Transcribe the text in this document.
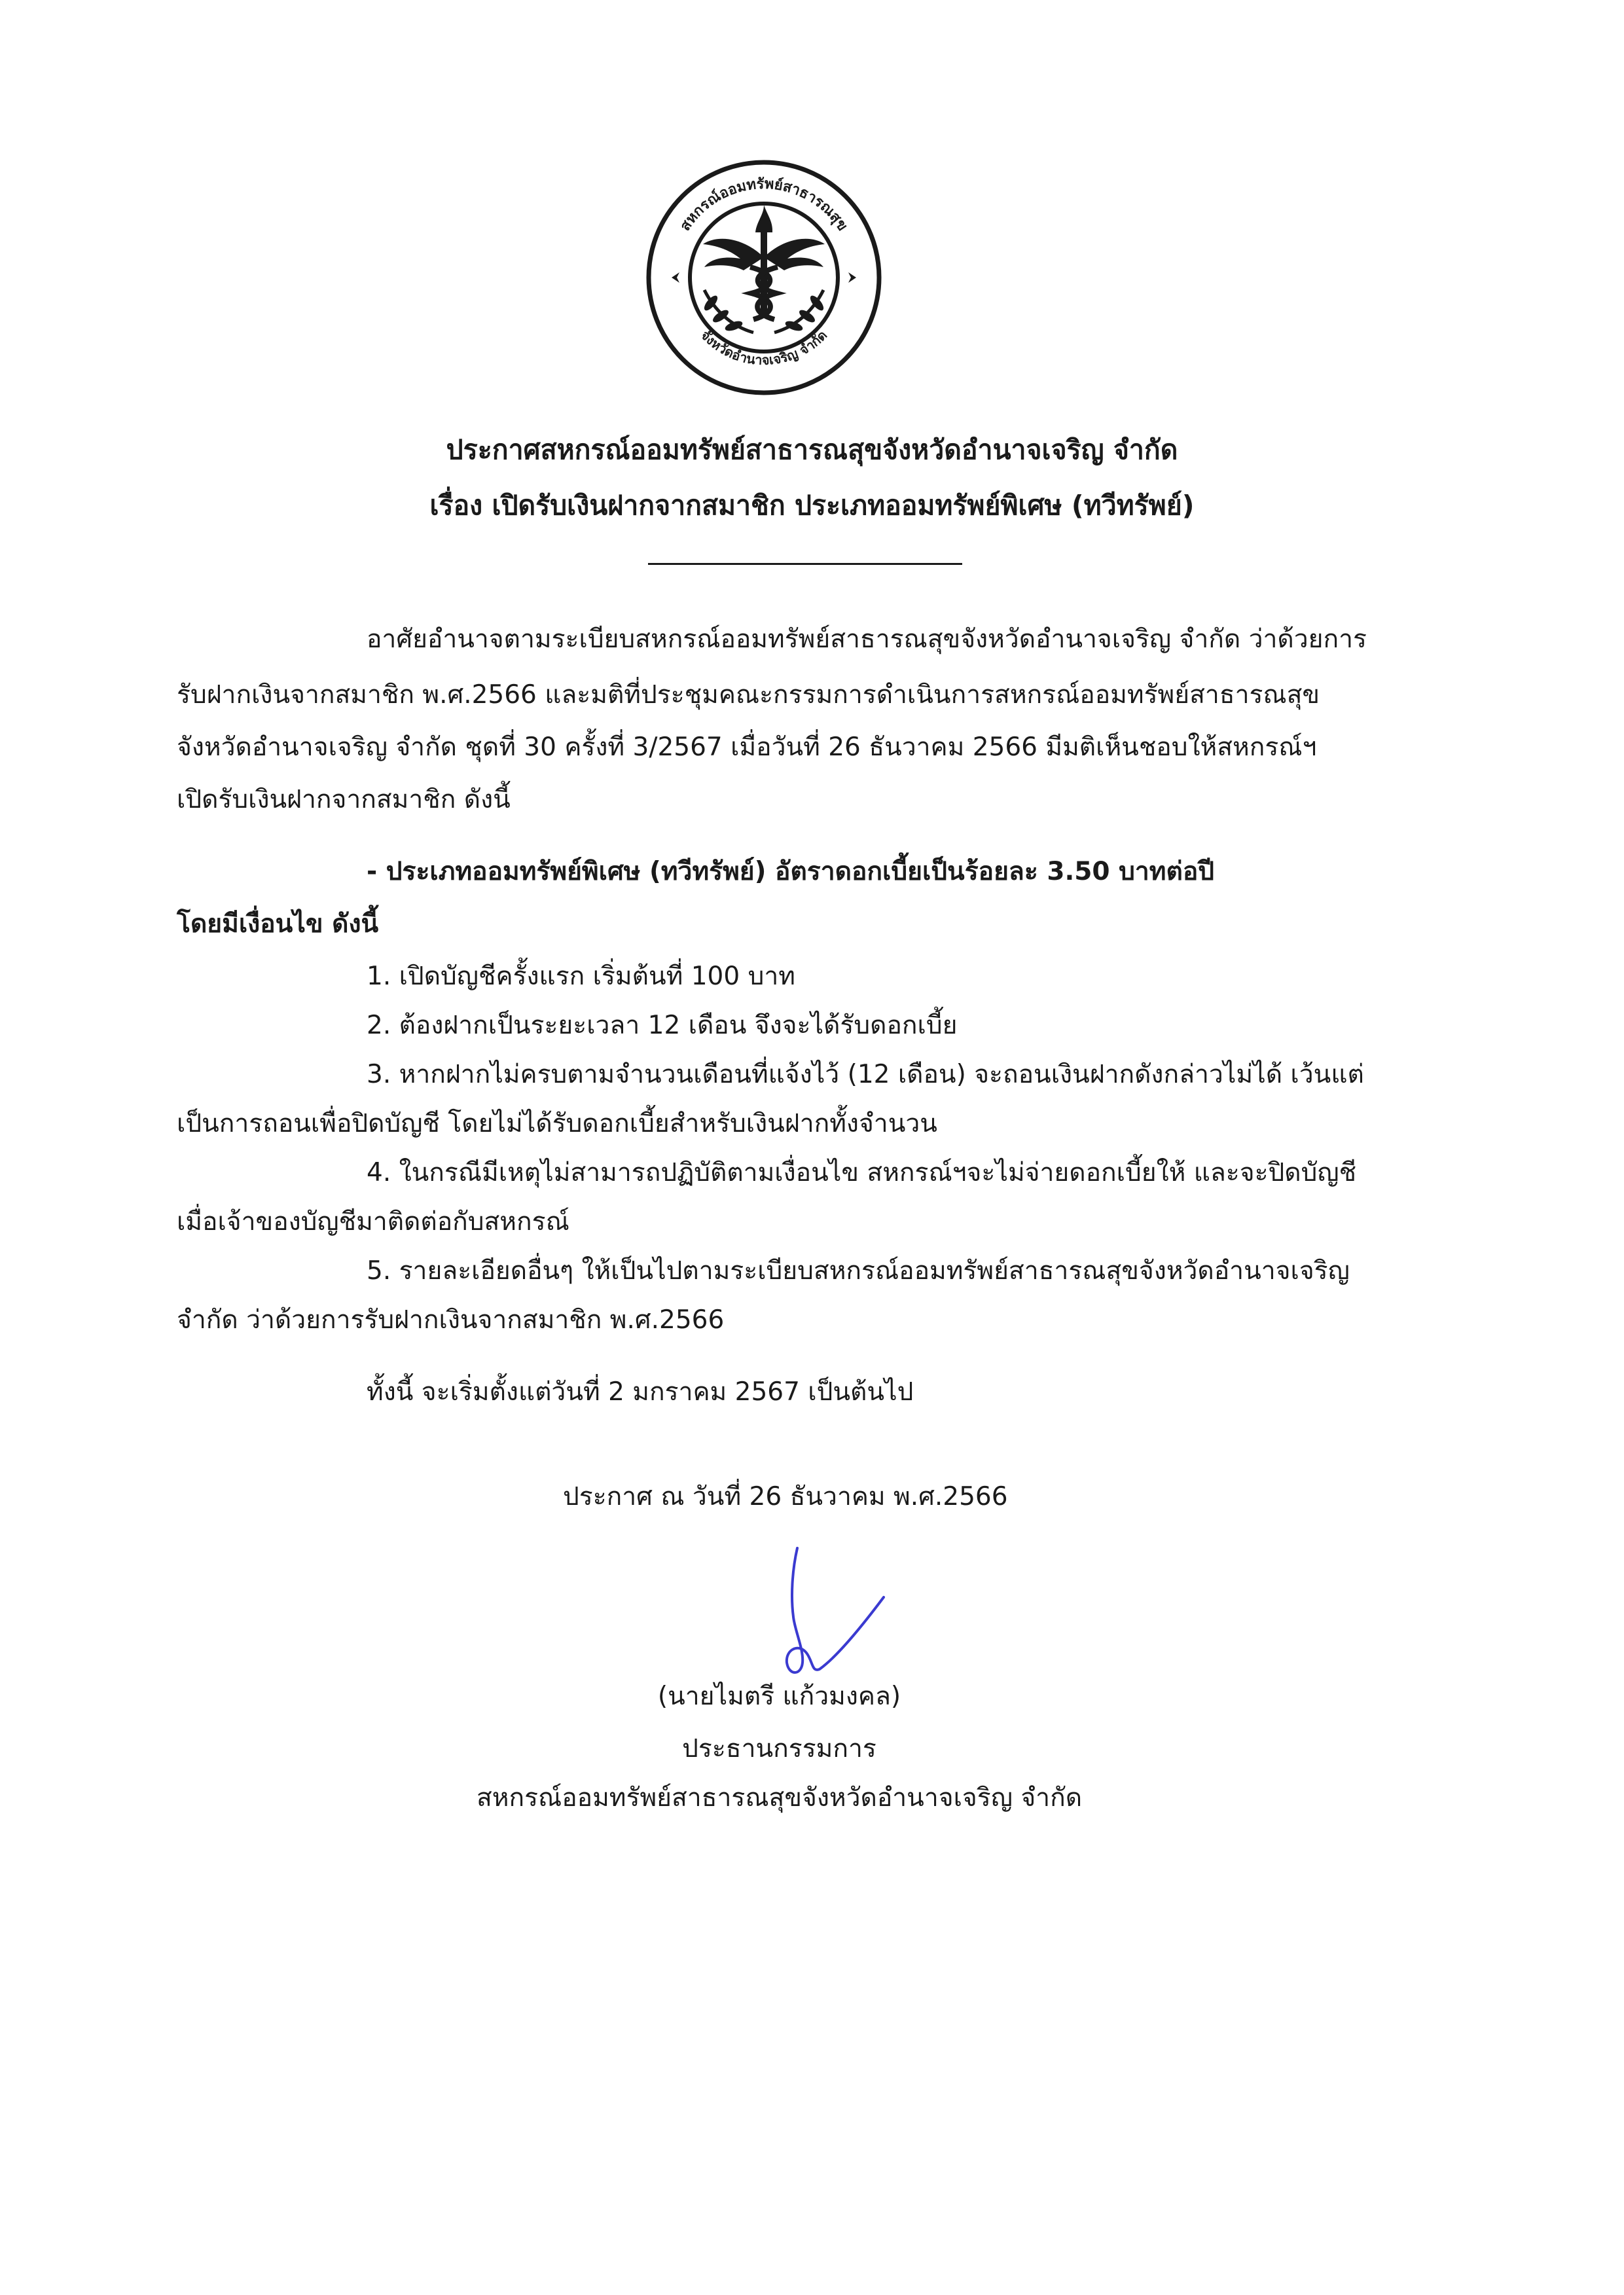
สหกรณ์ออมทรัพย์สาธารณสุข
จังหวัดอำนาจเจริญ จำกัด
ประกาศสหกรณ์ออมทรัพย์สาธารณสุขจังหวัดอำนาจเจริญ จำกัด
เรื่อง เปิดรับเงินฝากจากสมาชิก ประเภทออมทรัพย์พิเศษ (ทวีทรัพย์)
อาศัยอำนาจตามระเบียบสหกรณ์ออมทรัพย์สาธารณสุขจังหวัดอำนาจเจริญ จำกัด ว่าด้วยการ
รับฝากเงินจากสมาชิก พ.ศ.2566 และมติที่ประชุมคณะกรรมการดำเนินการสหกรณ์ออมทรัพย์สาธารณสุข
จังหวัดอำนาจเจริญ จำกัด ชุดที่ 30 ครั้งที่ 3/2567 เมื่อวันที่ 26 ธันวาคม 2566 มีมติเห็นชอบให้สหกรณ์ฯ
เปิดรับเงินฝากจากสมาชิก ดังนี้
- ประเภทออมทรัพย์พิเศษ (ทวีทรัพย์) อัตราดอกเบี้ยเป็นร้อยละ 3.50 บาทต่อปี
โดยมีเงื่อนไข ดังนี้
1. เปิดบัญชีครั้งแรก เริ่มต้นที่ 100 บาท
2. ต้องฝากเป็นระยะเวลา 12 เดือน จึงจะได้รับดอกเบี้ย
3. หากฝากไม่ครบตามจำนวนเดือนที่แจ้งไว้ (12 เดือน) จะถอนเงินฝากดังกล่าวไม่ได้ เว้นแต่
เป็นการถอนเพื่อปิดบัญชี โดยไม่ได้รับดอกเบี้ยสำหรับเงินฝากทั้งจำนวน
4. ในกรณีมีเหตุไม่สามารถปฏิบัติตามเงื่อนไข สหกรณ์ฯจะไม่จ่ายดอกเบี้ยให้ และจะปิดบัญชี
เมื่อเจ้าของบัญชีมาติดต่อกับสหกรณ์
5. รายละเอียดอื่นๆ ให้เป็นไปตามระเบียบสหกรณ์ออมทรัพย์สาธารณสุขจังหวัดอำนาจเจริญ
จำกัด ว่าด้วยการรับฝากเงินจากสมาชิก พ.ศ.2566
ทั้งนี้ จะเริ่มตั้งแต่วันที่ 2 มกราคม 2567 เป็นต้นไป
ประกาศ ณ วันที่ 26 ธันวาคม พ.ศ.2566
(นายไมตรี แก้วมงคล)
ประธานกรรมการ
สหกรณ์ออมทรัพย์สาธารณสุขจังหวัดอำนาจเจริญ จำกัด
